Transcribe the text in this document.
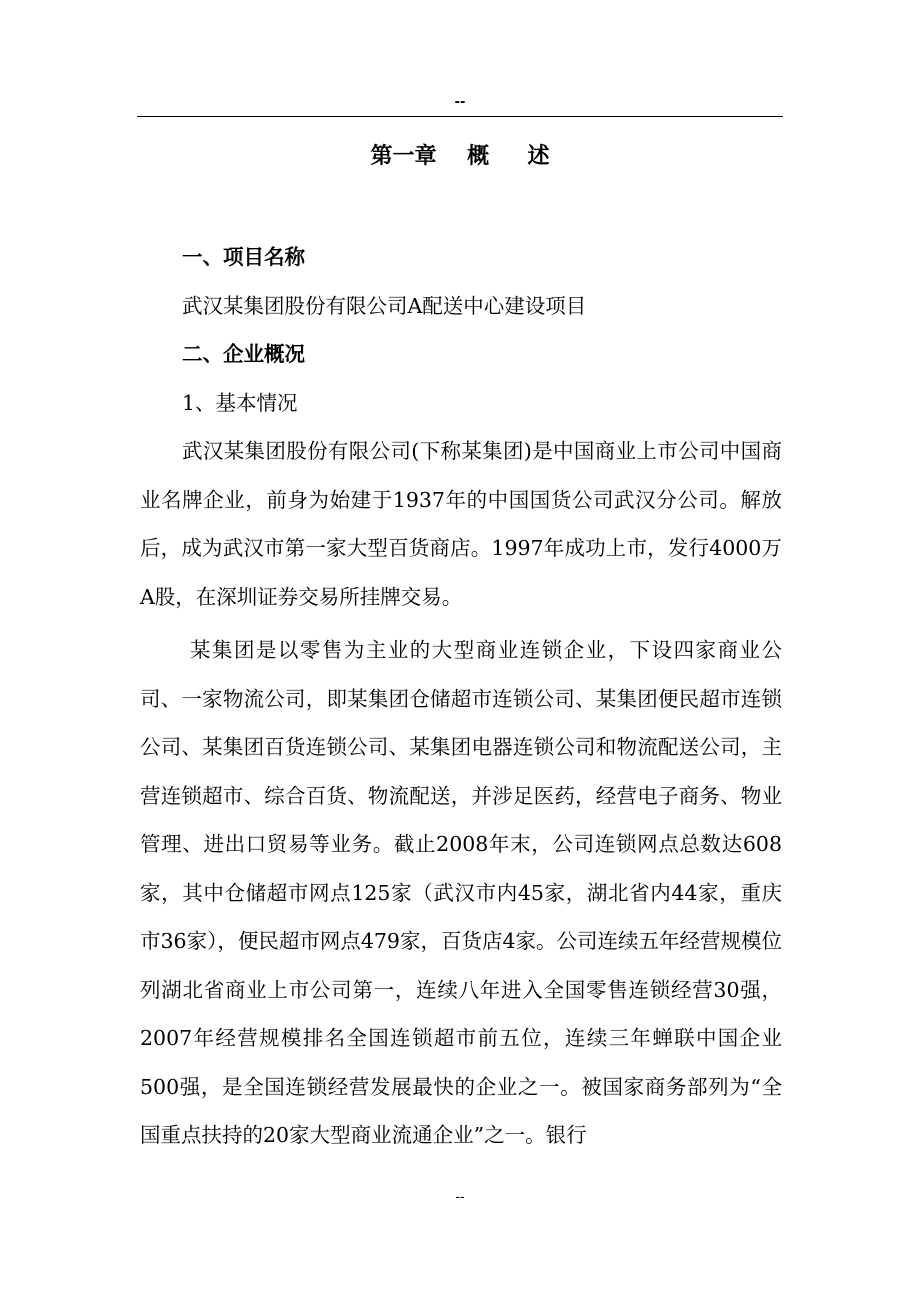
--
第一章    概     述

一、项目名称

武汉某集团股份有限公司A配送中心建设项目

二、企业概况

1、基本情况

武汉某集团股份有限公司(下称某集团)是中国商业上市公司中国商业名牌企业，前身为始建于1937年的中国国货公司武汉分公司。解放后，成为武汉市第一家大型百货商店。1997年成功上市，发行4000万A股，在深圳证券交易所挂牌交易。

某集团是以零售为主业的大型商业连锁企业，下设四家商业公司、一家物流公司，即某集团仓储超市连锁公司、某集团便民超市连锁公司、某集团百货连锁公司、某集团电器连锁公司和物流配送公司，主营连锁超市、综合百货、物流配送，并涉足医药，经营电子商务、物业管理、进出口贸易等业务。截止2008年末，公司连锁网点总数达608家，其中仓储超市网点125家（武汉市内45家，湖北省内44家，重庆市36家），便民超市网点479家，百货店4家。公司连续五年经营规模位列湖北省商业上市公司第一，连续八年进入全国零售连锁经营30强，2007年经营规模排名全国连锁超市前五位，连续三年蝉联中国企业500强，是全国连锁经营发展最快的企业之一。被国家商务部列为“全国重点扶持的20家大型商业流通企业”之一。银行

--
